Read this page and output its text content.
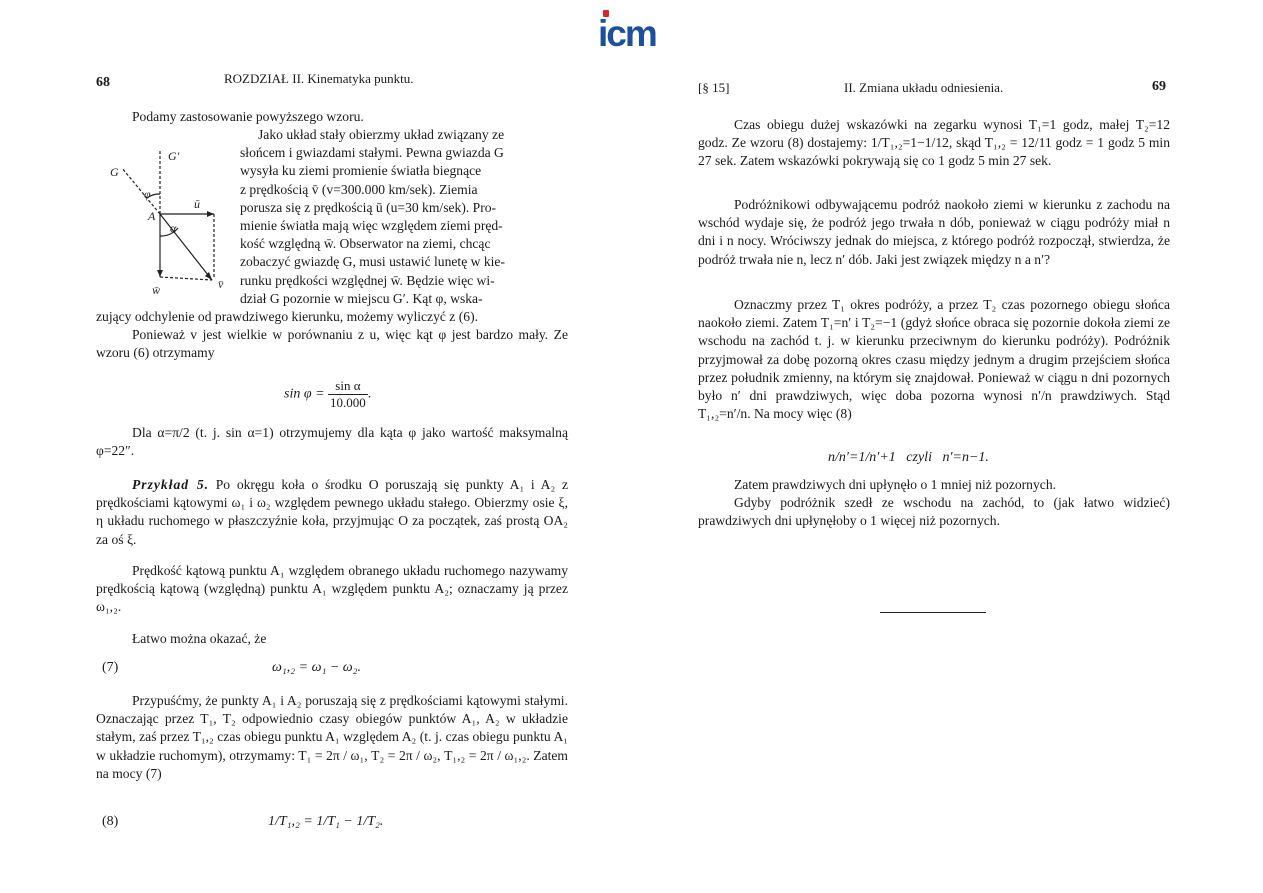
icm
68	ROZDZIAŁ II. Kinematyka punktu.

Podamy zastosowanie powyższego wzoru.

G′
G
φ
α
A
ū
v̄
w̄
Jako układ stały obierzmy układ związany ze
słońcem i gwiazdami stałymi. Pewna gwiazda G
wysyła ku ziemi promienie światła biegnące
z prędkością v̄ (v=300.000 km/sek). Ziemia
porusza się z prędkością ū (u=30 km/sek). Pro-
mienie światła mają więc względem ziemi pręd-
kość względną w̄. Obserwator na ziemi, chcąc
zobaczyć gwiazdę G, musi ustawić lunetę w kie-
runku prędkości względnej w̄. Będzie więc wi-
dział G pozornie w miejscu G′. Kąt φ, wska-

zujący odchylenie od prawdziwego kierunku, możemy wyliczyć z (6).

Ponieważ v jest wielkie w porównaniu z u, więc kąt φ jest bardzo mały. Ze wzoru (6) otrzymamy

$\sin \varphi = \frac{\text{sin α}}{10.000}$ .

Dla α=π/2 (t. j. sin α=1) otrzymujemy dla kąta φ jako wartość maksymalną φ=22″.

Przykład 5. Po okręgu koła o środku O poruszają się punkty A₁ i A₂ z prędkościami kątowymi ω₁ i ω₂ względem pewnego układu stałego. Obierzmy osie ξ, η układu ruchomego w płaszczyźnie koła, przyjmując O za początek, zaś prostą OA₂ za oś ξ.

Prędkość kątową punktu A₁ względem obranego układu ruchomego nazywamy prędkością kątową (względną) punktu A₁ względem punktu A₂; oznaczamy ją przez ω₁,₂.

Łatwo można okazać, że

(7)	ω₁,₂ = ω₁ − ω₂.

Przypuśćmy, że punkty A₁ i A₂ poruszają się z prędkościami kątowymi stałymi. Oznaczając przez T₁, T₂ odpowiednio czasy obiegów punktów A₁, A₂ w układzie stałym, zaś przez T₁,₂ czas obiegu punktu A₁ względem A₂ (t. j. czas obiegu punktu A₁ w układzie ruchomym), otrzymamy: T₁ = 2π / ω₁, T₂ = 2π / ω₂, T₁,₂ = 2π / ω₁,₂. Zatem na mocy (7)

(8)	1/T₁,₂ = 1/T₁ − 1/T₂.
[§ 15]	II. Zmiana układu odniesienia.	69

Czas obiegu dużej wskazówki na zegarku wynosi T₁=1 godz, małej T₂=12 godz. Ze wzoru (8) dostajemy: 1/T₁,₂=1−1/12, skąd T₁,₂ = 12/11 godz = 1 godz 5 min 27 sek. Zatem wskazówki pokrywają się co 1 godz 5 min 27 sek.

Podróżnikowi odbywającemu podróż naokoło ziemi w kierunku z zachodu na wschód wydaje się, że podróż jego trwała n dób, ponieważ w ciągu podróży miał n dni i n nocy. Wróciwszy jednak do miejsca, z którego podróż rozpoczął, stwierdza, że podróż trwała nie n, lecz n′ dób. Jaki jest związek między n a n′?

Oznaczmy przez T₁ okres podróży, a przez T₂ czas pozornego obiegu słońca naokoło ziemi. Zatem T₁=n′ i T₂=−1 (gdyż słońce obraca się pozornie dokoła ziemi ze wschodu na zachód t. j. w kierunku przeciwnym do kierunku podróży). Podróżnik przyjmował za dobę pozorną okres czasu między jednym a drugim przejściem słońca przez południk zmienny, na którym się znajdował. Ponieważ w ciągu n dni pozornych było n′ dni prawdziwych, więc doba pozorna wynosi n′/n prawdziwych. Stąd T₁,₂=n′/n. Na mocy więc (8)

n/n′=1/n′+1   czyli   n′=n−1.

Zatem prawdziwych dni upłynęło o 1 mniej niż pozornych.

Gdyby podróżnik szedł ze wschodu na zachód, to (jak łatwo widzieć) prawdziwych dni upłynęłoby o 1 więcej niż pozornych.
